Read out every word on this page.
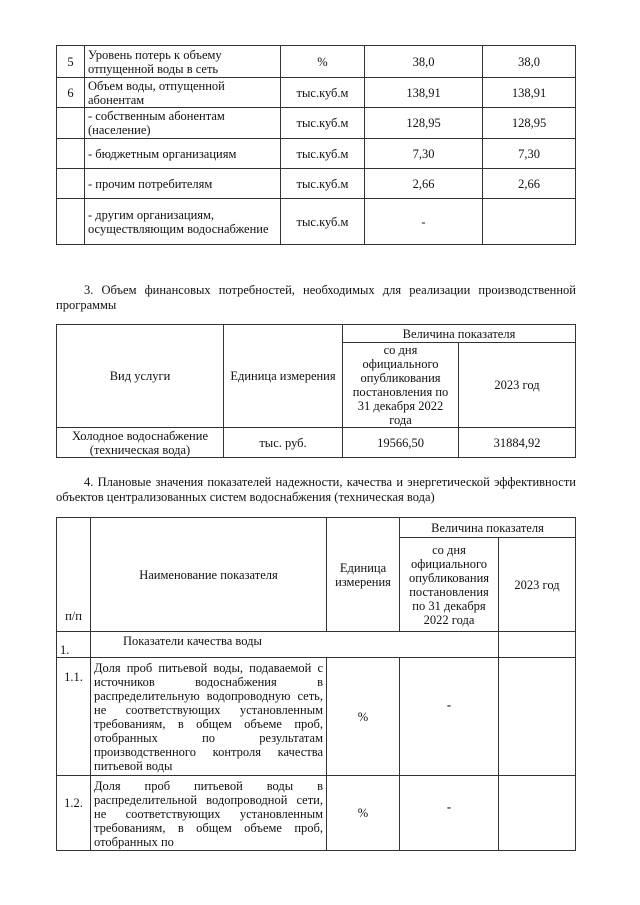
5	Уровень потерь к объему отпущенной воды в сеть	%	38,0	38,0
6	Объем воды, отпущенной абонентам	тыс.куб.м	138,91	138,91
	- собственным абонентам (население)	тыс.куб.м	128,95	128,95
	- бюджетным организациям	тыс.куб.м	7,30	7,30
	- прочим потребителям	тыс.куб.м	2,66	2,66
	- другим организациям, осуществляющим водоснабжение	тыс.куб.м	-	

3. Объем финансовых потребностей, необходимых для реализации производственной программы

Вид услуги	Единица измерения	Величина показателя	
		со дня официального опубликования постановления по 31 декабря 2022 года	2023 год
Холодное водоснабжение (техническая вода)	тыс. руб.	19566,50	31884,92

4. Плановые значения показателей надежности, качества и энергетической эффективности объектов централизованных систем водоснабжения (техническая вода)

п/п	Наименование показателя	Единица измерения	Величина показателя	
			со дня официального опубликования постановления по 31 декабря 2022 года	2023 год
1.	Показатели качества воды			
1.1.	Доля проб питьевой воды, подаваемой с источников водоснабжения в распределительную водопроводную сеть, не соответствующих установленным требованиям, в общем объеме проб, отобранных по результатам производственного контроля качества питьевой воды	%	-	
1.2.	Доля проб питьевой воды в распределительной водопроводной сети, не соответствующих установленным требованиям, в общем объеме проб, отобранных по	%	-	
